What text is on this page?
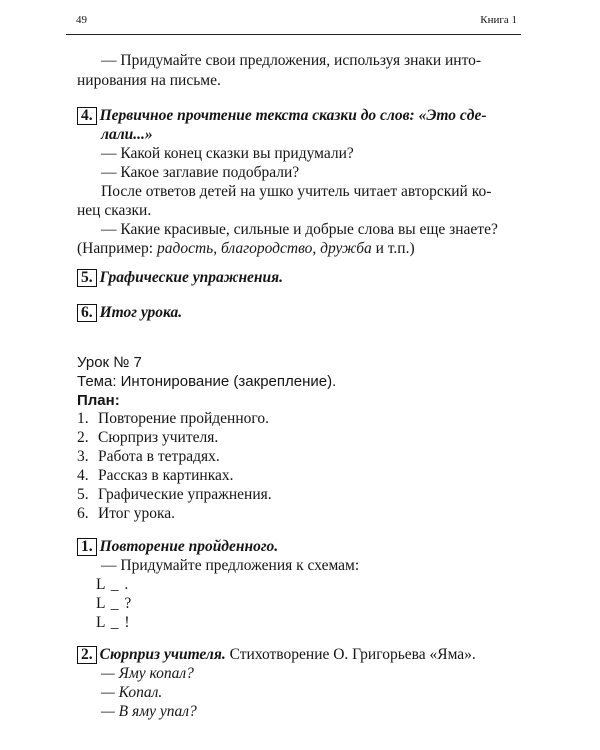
49	Книга 1
— Придумайте свои предложения, используя знаки инто-
нирования на письме.
4. Первичное прочтение текста сказки до слов: «Это сде-
лали...»
— Какой конец сказки вы придумали?
— Какое заглавие подобрали?
После ответов детей на ушко учитель читает авторский ко-
нец сказки.
— Какие красивые, сильные и добрые слова вы еще знаете?
(Например: радость, благородство, дружба и т.п.)
5. Графические упражнения.
6. Итог урока.
Урок № 7
Тема: Интонирование (закрепление).
План:
1. Повторение пройденного.
2. Сюрприз учителя.
3. Работа в тетрадях.
4. Рассказ в картинках.
5. Графические упражнения.
6. Итог урока.
1. Повторение пройденного.
— Придумайте предложения к схемам:
L _ .
L _ ?
L _ !
2. Сюрприз учителя. Стихотворение О. Григорьева «Яма».
— Яму копал?
— Копал.
— В яму упал?
